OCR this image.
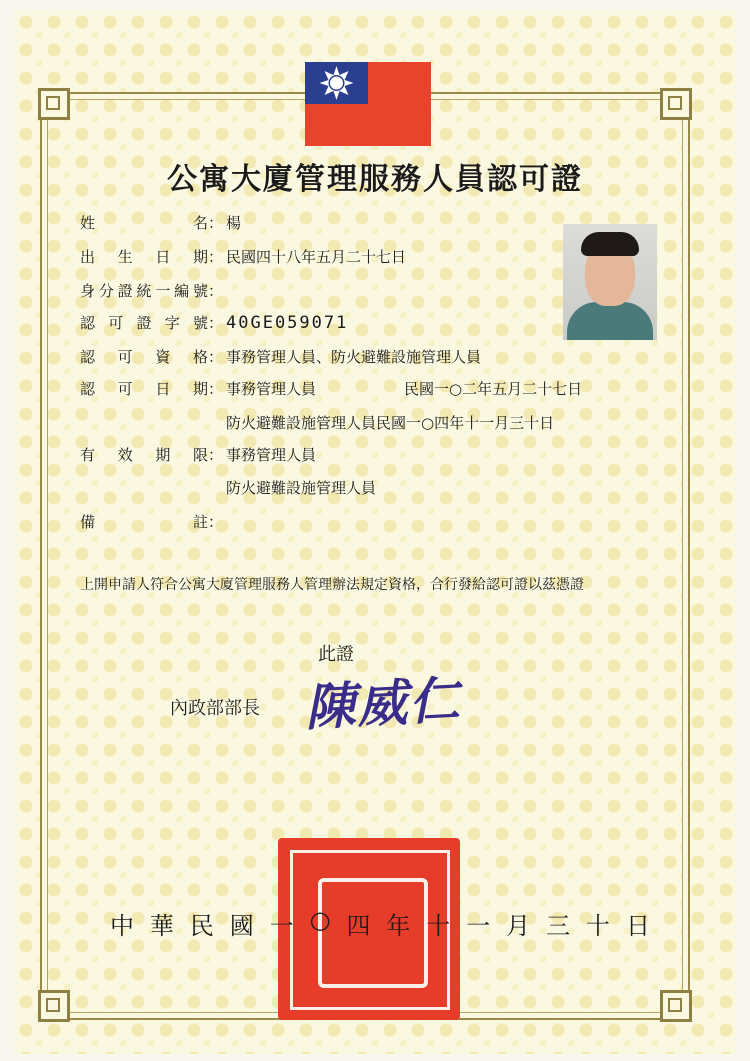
公寓大廈管理服務人員認可證
姓名： 楊
出生日期： 民國四十八年五月二十七日
身分證統一編號：
認可證字號： 40GE059071
認可資格： 事務管理人員、防火避難設施管理人員
認可日期： 事務管理人員	民國一○二年五月二十七日
防火避難設施管理人員民國一○四年十一月三十日
有效期限： 事務管理人員
防火避難設施管理人員
備註：
上開申請人符合公寓大廈管理服務人管理辦法規定資格，合行發給認可證以茲憑證
此證
內政部部長 陳威仁
中 華 民 國 一 ○ 四 年 十 一 月 三 十 日
